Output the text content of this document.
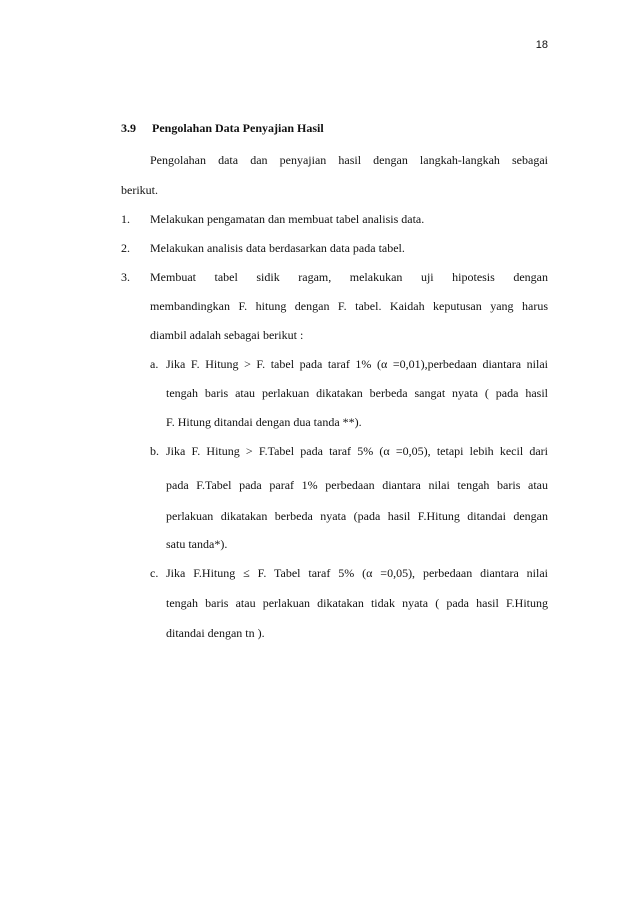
18
3.9 Pengolahan Data Penyajian Hasil
Pengolahan data dan penyajian hasil dengan langkah-langkah sebagai
berikut.
1. Melakukan pengamatan dan membuat tabel analisis data.
2. Melakukan analisis data berdasarkan data pada tabel.
3. Membuat tabel sidik ragam, melakukan uji hipotesis dengan
membandingkan F. hitung dengan F. tabel. Kaidah keputusan yang harus
diambil adalah sebagai berikut :
a. Jika F. Hitung > F. tabel pada taraf 1% (α =0,01),perbedaan diantara nilai
tengah baris atau perlakuan dikatakan berbeda sangat nyata ( pada hasil
F. Hitung ditandai dengan dua tanda **).
b. Jika F. Hitung > F.Tabel pada taraf 5% (α =0,05), tetapi lebih kecil dari
pada F.Tabel pada paraf 1% perbedaan diantara nilai tengah baris atau
perlakuan dikatakan berbeda nyata (pada hasil F.Hitung ditandai dengan
satu tanda*).
c. Jika F.Hitung ≤ F. Tabel taraf 5% (α =0,05), perbedaan diantara nilai
tengah baris atau perlakuan dikatakan tidak nyata ( pada hasil F.Hitung
ditandai dengan tn ).
